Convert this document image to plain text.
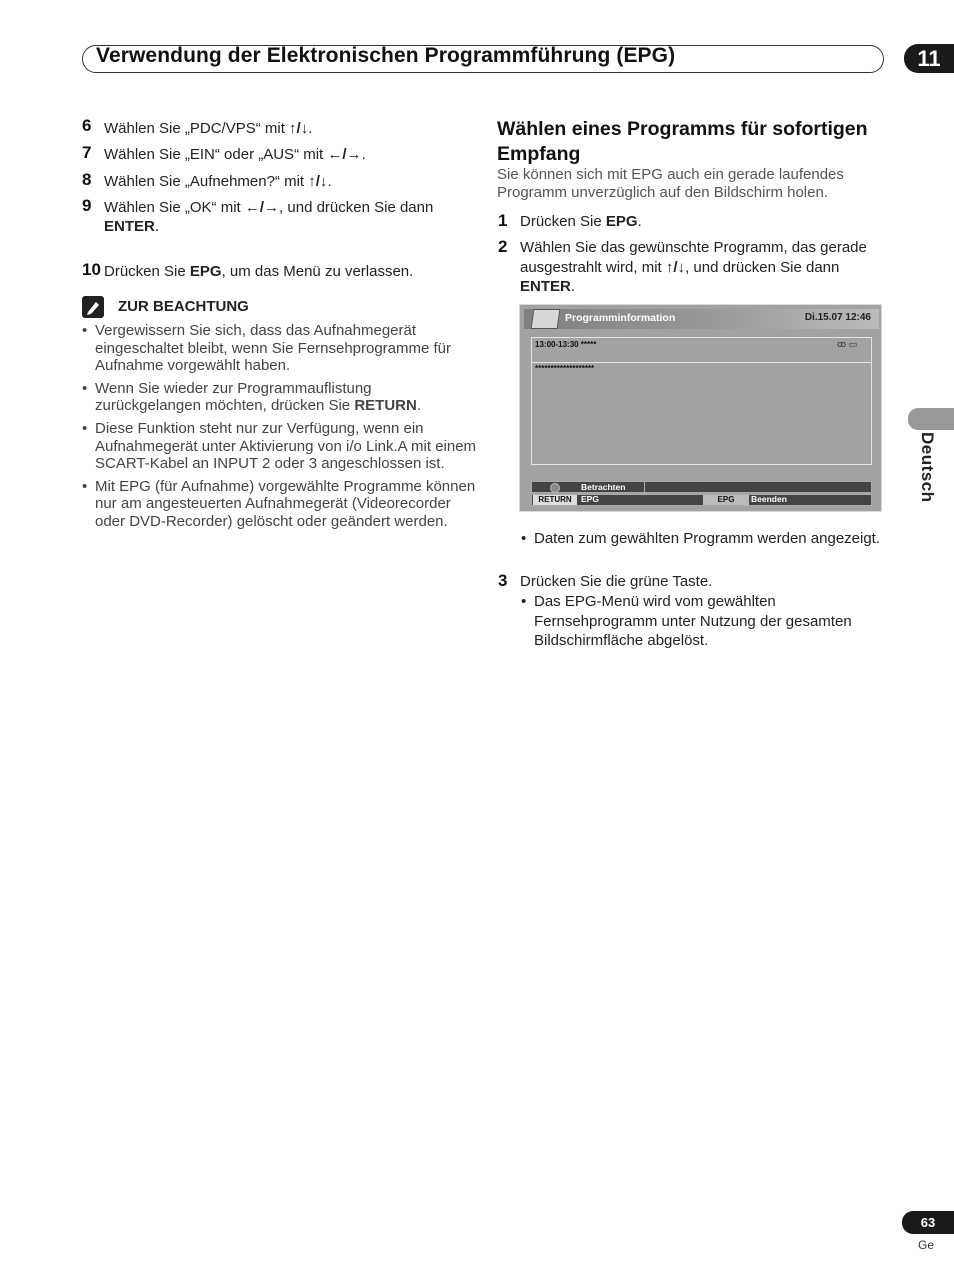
Verwendung der Elektronischen Programmführung (EPG)	11
Deutsch
6 Wählen Sie „PDC/VPS“ mit ↑/↓.
7 Wählen Sie „EIN“ oder „AUS“ mit ←/→.
8 Wählen Sie „Aufnehmen?“ mit ↑/↓.
9 Wählen Sie „OK“ mit ←/→, und drücken Sie dann ENTER.
10 Drücken Sie EPG, um das Menü zu verlassen.
ZUR BEACHTUNG
• Vergewissern Sie sich, dass das Aufnahmegerät eingeschaltet bleibt, wenn Sie Fernsehprogramme für Aufnahme vorgewählt haben.
• Wenn Sie wieder zur Programmauflistung zurückgelangen möchten, drücken Sie RETURN.
• Diese Funktion steht nur zur Verfügung, wenn ein Aufnahmegerät unter Aktivierung von i/o Link.A mit einem SCART-Kabel an INPUT 2 oder 3 angeschlossen ist.
• Mit EPG (für Aufnahme) vorgewählte Programme können nur am angesteuerten Aufnahmegerät (Videorecorder oder DVD-Recorder) gelöscht oder geändert werden.
Wählen eines Programms für sofortigen Empfang
Sie können sich mit EPG auch ein gerade laufendes Programm unverzüglich auf den Bildschirm holen.
1 Drücken Sie EPG.
2 Wählen Sie das gewünschte Programm, das gerade ausgestrahlt wird, mit ↑/↓, und drücken Sie dann ENTER.
Programminformation	Di.15.07 12:46
13:00-13:30 *****	ꝏ ▭
*******************
Betrachten
RETURN	EPG	EPG	Beenden
• Daten zum gewählten Programm werden angezeigt.
3 Drücken Sie die grüne Taste.
• Das EPG-Menü wird vom gewählten Fernsehprogramm unter Nutzung der gesamten Bildschirmfläche abgelöst.
63
Ge
